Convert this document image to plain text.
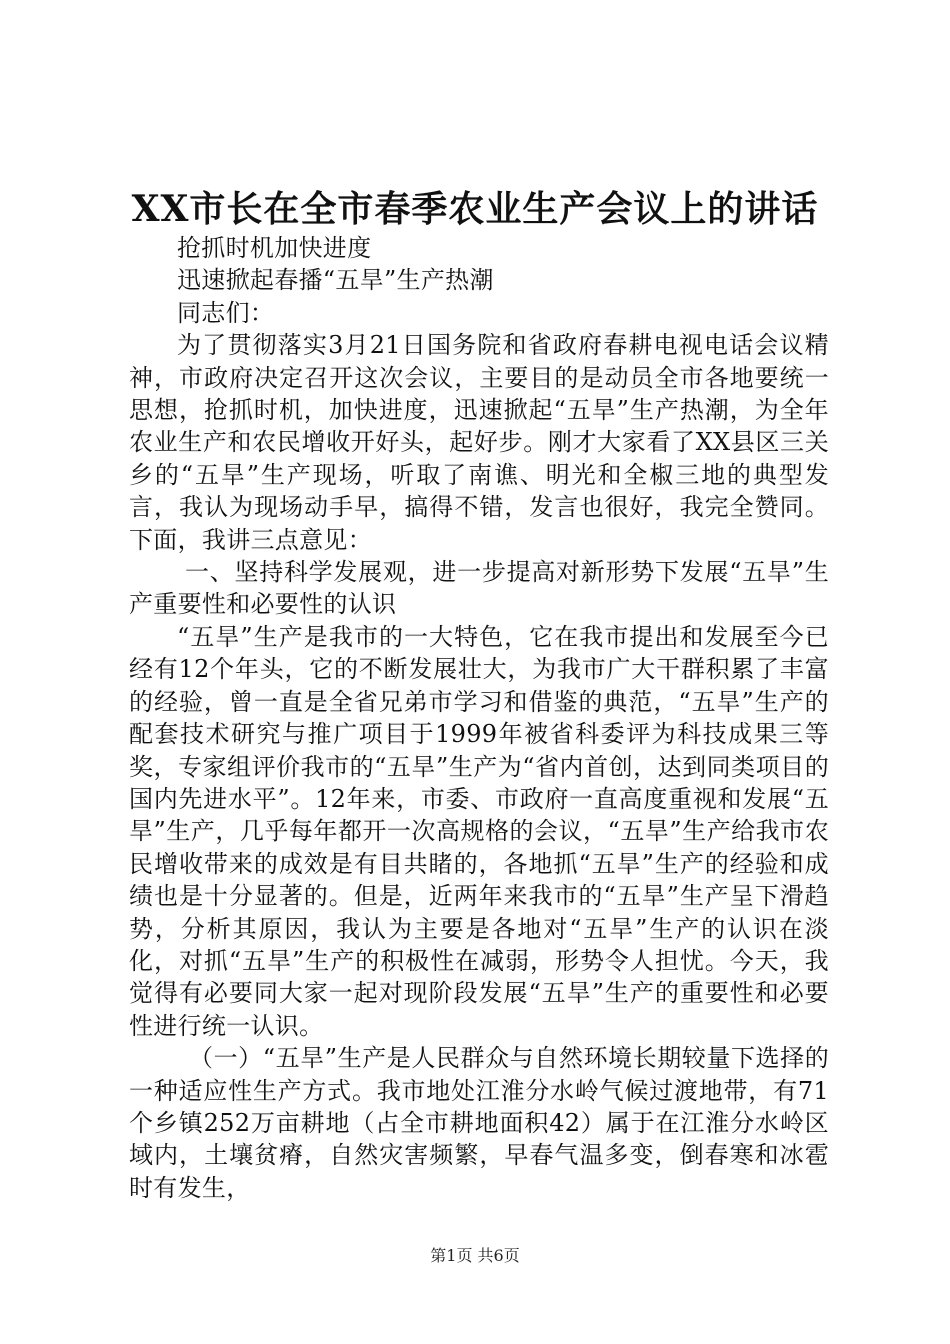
XX市长在全市春季农业生产会议上的讲话

抢抓时机加快进度

迅速掀起春播“五旱”生产热潮

同志们：

为了贯彻落实3月21日国务院和省政府春耕电视电话会议精神，市政府决定召开这次会议，主要目的是动员全市各地要统一思想，抢抓时机，加快进度，迅速掀起“五旱”生产热潮，为全年农业生产和农民增收开好头，起好步。刚才大家看了XX县区三关乡的“五旱”生产现场，听取了南谯、明光和全椒三地的典型发言，我认为现场动手早，搞得不错，发言也很好，我完全赞同。下面，我讲三点意见：

一、坚持科学发展观，进一步提高对新形势下发展“五旱”生产重要性和必要性的认识

“五旱”生产是我市的一大特色，它在我市提出和发展至今已经有12个年头，它的不断发展壮大，为我市广大干群积累了丰富的经验，曾一直是全省兄弟市学习和借鉴的典范，“五旱”生产的配套技术研究与推广项目于1999年被省科委评为科技成果三等奖，专家组评价我市的“五旱”生产为“省内首创，达到同类项目的国内先进水平”。12年来，市委、市政府一直高度重视和发展“五旱”生产，几乎每年都开一次高规格的会议，“五旱”生产给我市农民增收带来的成效是有目共睹的，各地抓“五旱”生产的经验和成绩也是十分显著的。但是，近两年来我市的“五旱”生产呈下滑趋势，分析其原因，我认为主要是各地对“五旱”生产的认识在淡化，对抓“五旱”生产的积极性在减弱，形势令人担忧。今天，我觉得有必要同大家一起对现阶段发展“五旱”生产的重要性和必要性进行统一认识。

（一）“五旱”生产是人民群众与自然环境长期较量下选择的一种适应性生产方式。我市地处江淮分水岭气候过渡地带，有71个乡镇252万亩耕地（占全市耕地面积42）属于在江淮分水岭区域内，土壤贫瘠，自然灾害频繁，早春气温多变，倒春寒和冰雹时有发生，

第1页 共6页
